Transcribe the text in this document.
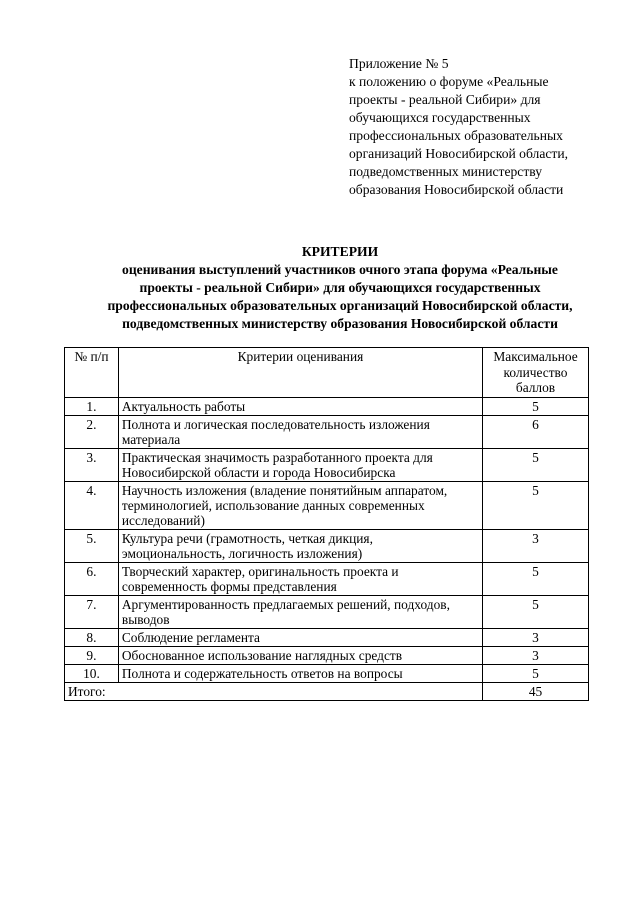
Приложение № 5
к положению о форуме «Реальные
проекты - реальной Сибири» для
обучающихся государственных
профессиональных образовательных
организаций Новосибирской области,
подведомственных министерству
образования Новосибирской области
КРИТЕРИИ
оценивания выступлений участников очного этапа форума «Реальные
проекты - реальной Сибири» для обучающихся государственных
профессиональных образовательных организаций Новосибирской области,
подведомственных министерству образования Новосибирской области
№ п/п	Критерии оценивания	Максимальное количество баллов
1.	Актуальность работы	5
2.	Полнота и логическая последовательность изложения материала	6
3.	Практическая значимость разработанного проекта для Новосибирской области и города Новосибирска	5
4.	Научность изложения (владение понятийным аппаратом, терминологией, использование данных современных исследований)	5
5.	Культура речи (грамотность, четкая дикция, эмоциональность, логичность изложения)	3
6.	Творческий характер, оригинальность проекта и современность формы представления	5
7.	Аргументированность предлагаемых решений, подходов, выводов	5
8.	Соблюдение регламента	3
9.	Обоснованное использование наглядных средств	3
10.	Полнота и содержательность ответов на вопросы	5
Итого:		45
